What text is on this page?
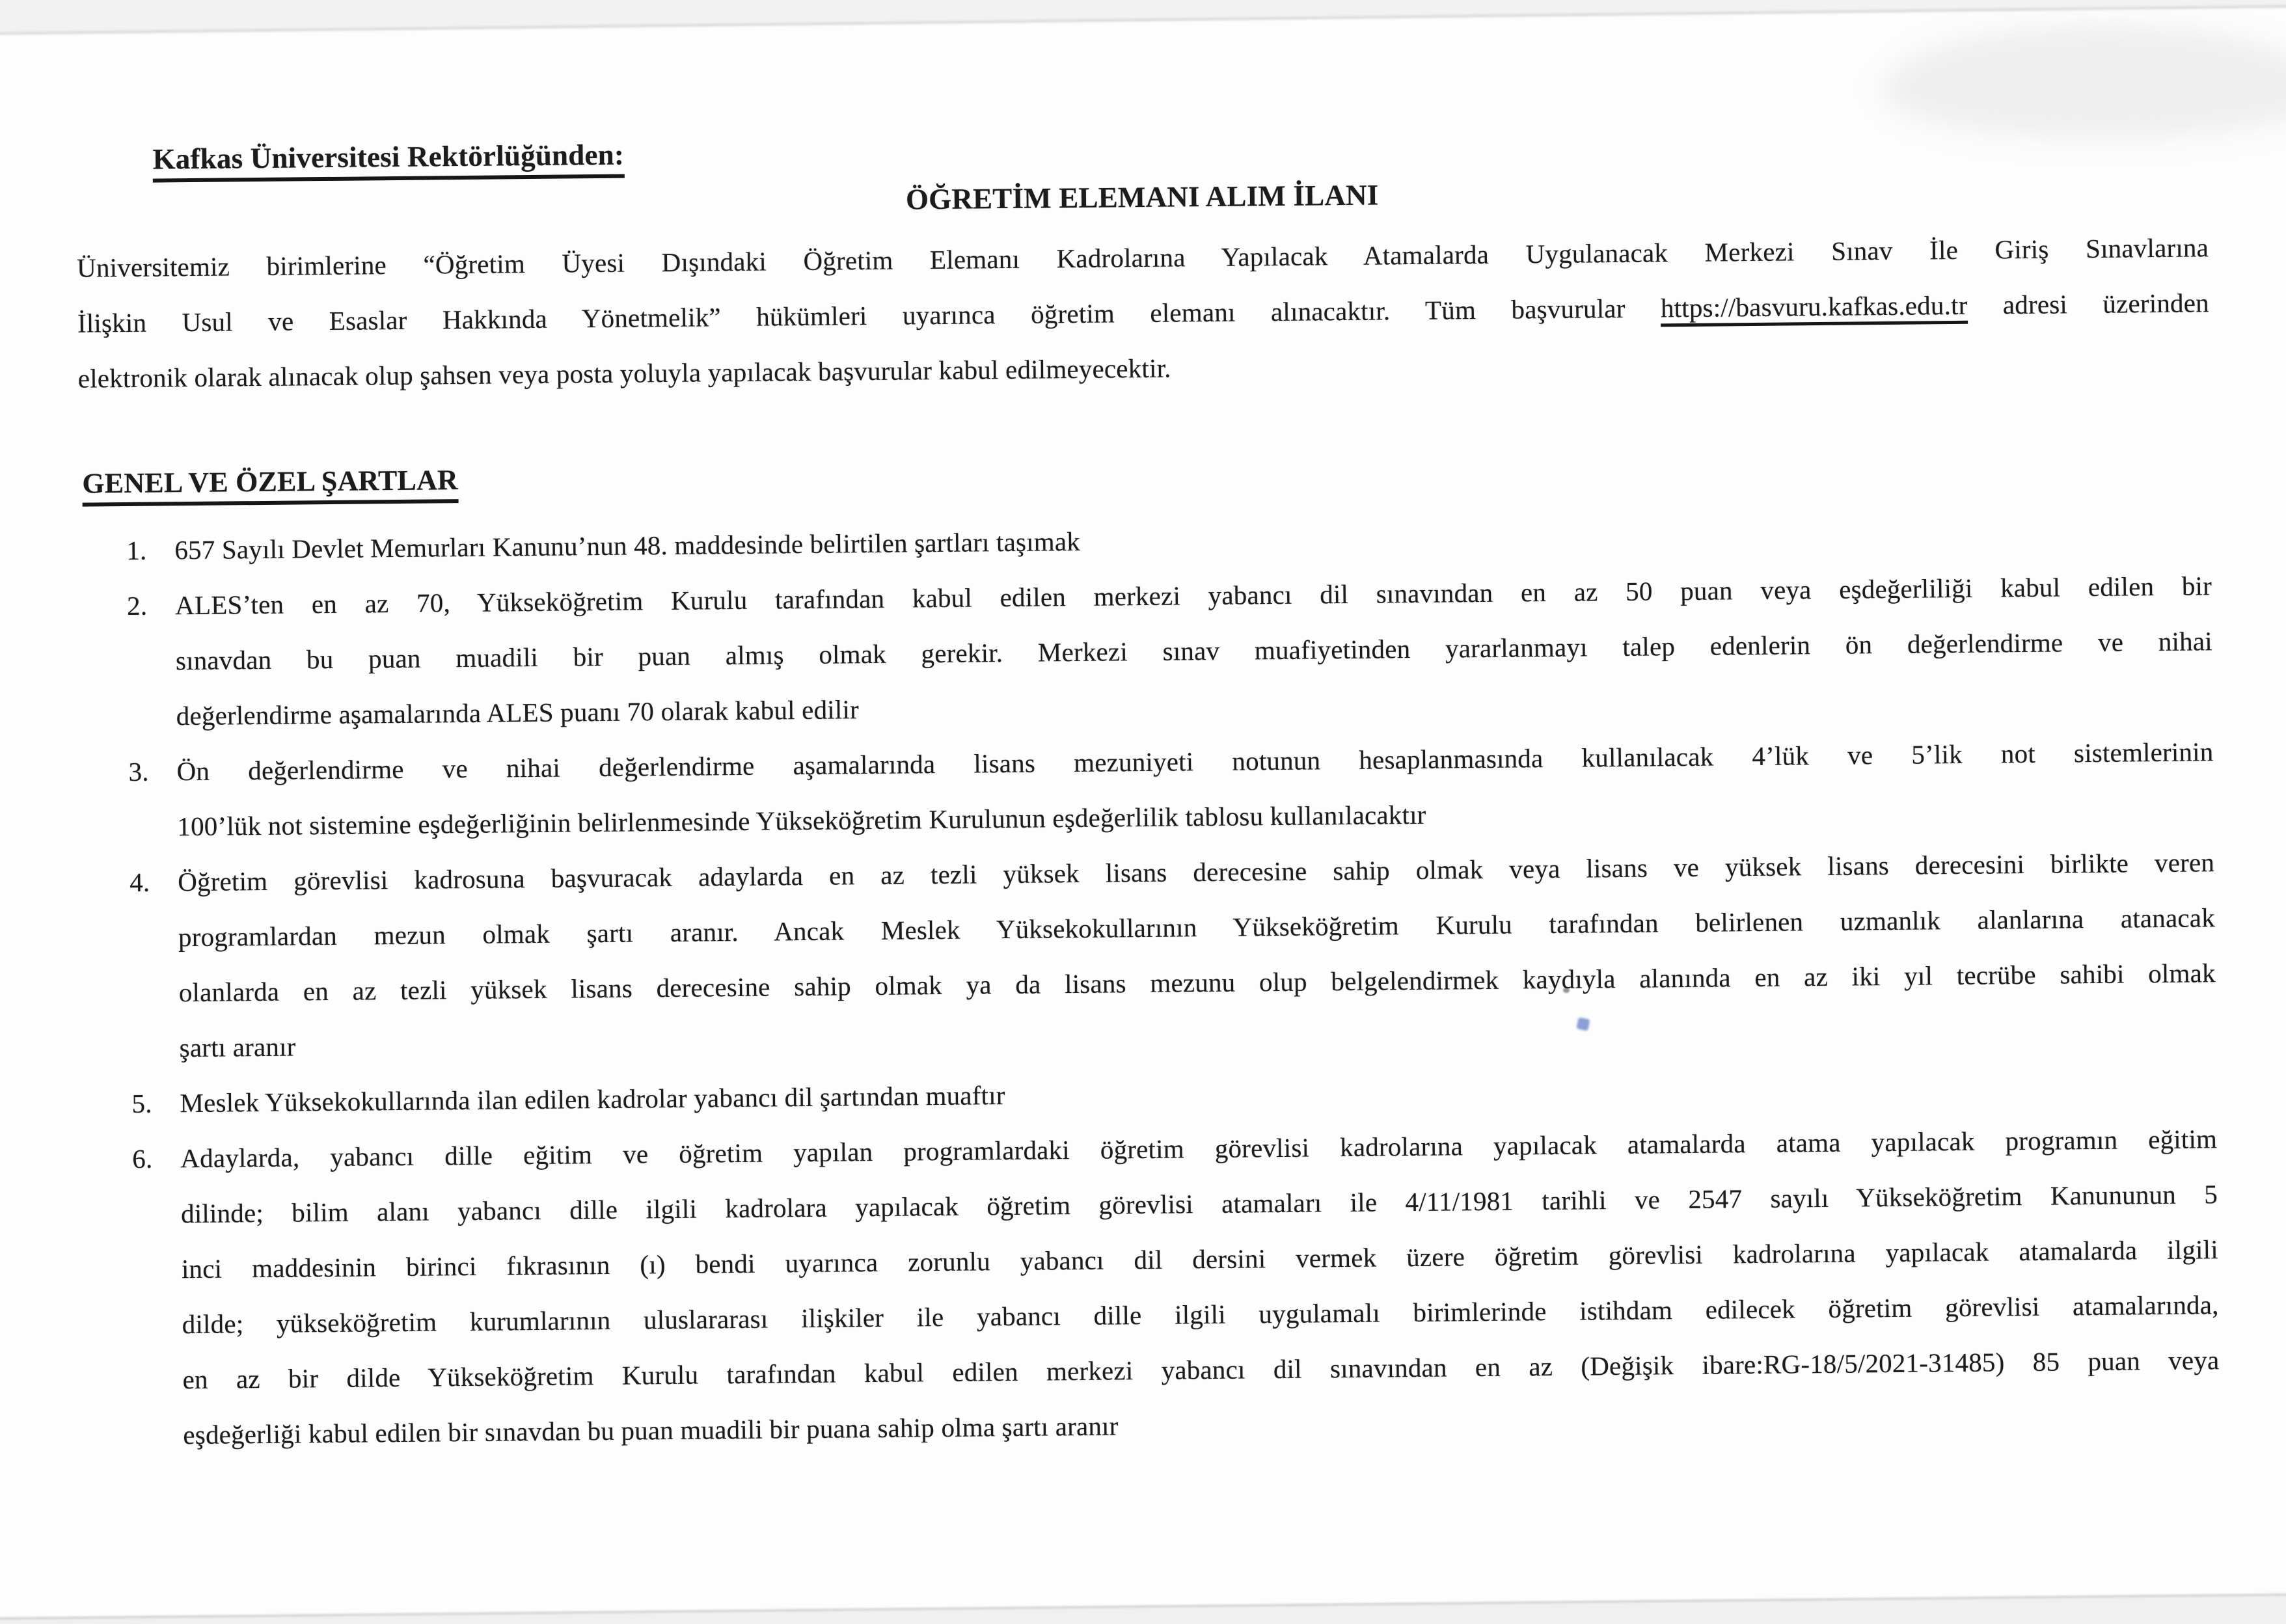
Kafkas Üniversitesi Rektörlüğünden:
ÖĞRETİM ELEMANI ALIM İLANI
Üniversitemiz birimlerine “Öğretim Üyesi Dışındaki Öğretim Elemanı Kadrolarına Yapılacak Atamalarda Uygulanacak Merkezi Sınav İle Giriş Sınavlarına
İlişkin Usul ve Esaslar Hakkında Yönetmelik” hükümleri uyarınca öğretim elemanı alınacaktır. Tüm başvurular https://basvuru.kafkas.edu.tr adresi üzerinden
elektronik olarak alınacak olup şahsen veya posta yoluyla yapılacak başvurular kabul edilmeyecektir.
GENEL VE ÖZEL ŞARTLAR
1.	657 Sayılı Devlet Memurları Kanunu’nun 48. maddesinde belirtilen şartları taşımak
2.	ALES’ten en az 70, Yükseköğretim Kurulu tarafından kabul edilen merkezi yabancı dil sınavından en az 50 puan veya eşdeğerliliği kabul edilen bir
sınavdan bu puan muadili bir puan almış olmak gerekir. Merkezi sınav muafiyetinden yararlanmayı talep edenlerin ön değerlendirme ve nihai
değerlendirme aşamalarında ALES puanı 70 olarak kabul edilir
3.	Ön değerlendirme ve nihai değerlendirme aşamalarında lisans mezuniyeti notunun hesaplanmasında kullanılacak 4’lük ve 5’lik not sistemlerinin
100’lük not sistemine eşdeğerliğinin belirlenmesinde Yükseköğretim Kurulunun eşdeğerlilik tablosu kullanılacaktır
4.	Öğretim görevlisi kadrosuna başvuracak adaylarda en az tezli yüksek lisans derecesine sahip olmak veya lisans ve yüksek lisans derecesini birlikte veren
programlardan mezun olmak şartı aranır. Ancak Meslek Yüksekokullarının Yükseköğretim Kurulu tarafından belirlenen uzmanlık alanlarına atanacak
olanlarda en az tezli yüksek lisans derecesine sahip olmak ya da lisans mezunu olup belgelendirmek kaydıyla alanında en az iki yıl tecrübe sahibi olmak
şartı aranır
5.	Meslek Yüksekokullarında ilan edilen kadrolar yabancı dil şartından muaftır
6.	Adaylarda, yabancı dille eğitim ve öğretim yapılan programlardaki öğretim görevlisi kadrolarına yapılacak atamalarda atama yapılacak programın eğitim
dilinde; bilim alanı yabancı dille ilgili kadrolara yapılacak öğretim görevlisi atamaları ile 4/11/1981 tarihli ve 2547 sayılı Yükseköğretim Kanununun 5
inci maddesinin birinci fıkrasının (ı) bendi uyarınca zorunlu yabancı dil dersini vermek üzere öğretim görevlisi kadrolarına yapılacak atamalarda ilgili
dilde; yükseköğretim kurumlarının uluslararası ilişkiler ile yabancı dille ilgili uygulamalı birimlerinde istihdam edilecek öğretim görevlisi atamalarında,
en az bir dilde Yükseköğretim Kurulu tarafından kabul edilen merkezi yabancı dil sınavından en az (Değişik ibare:RG-18/5/2021-31485) 85 puan veya
eşdeğerliği kabul edilen bir sınavdan bu puan muadili bir puana sahip olma şartı aranır
